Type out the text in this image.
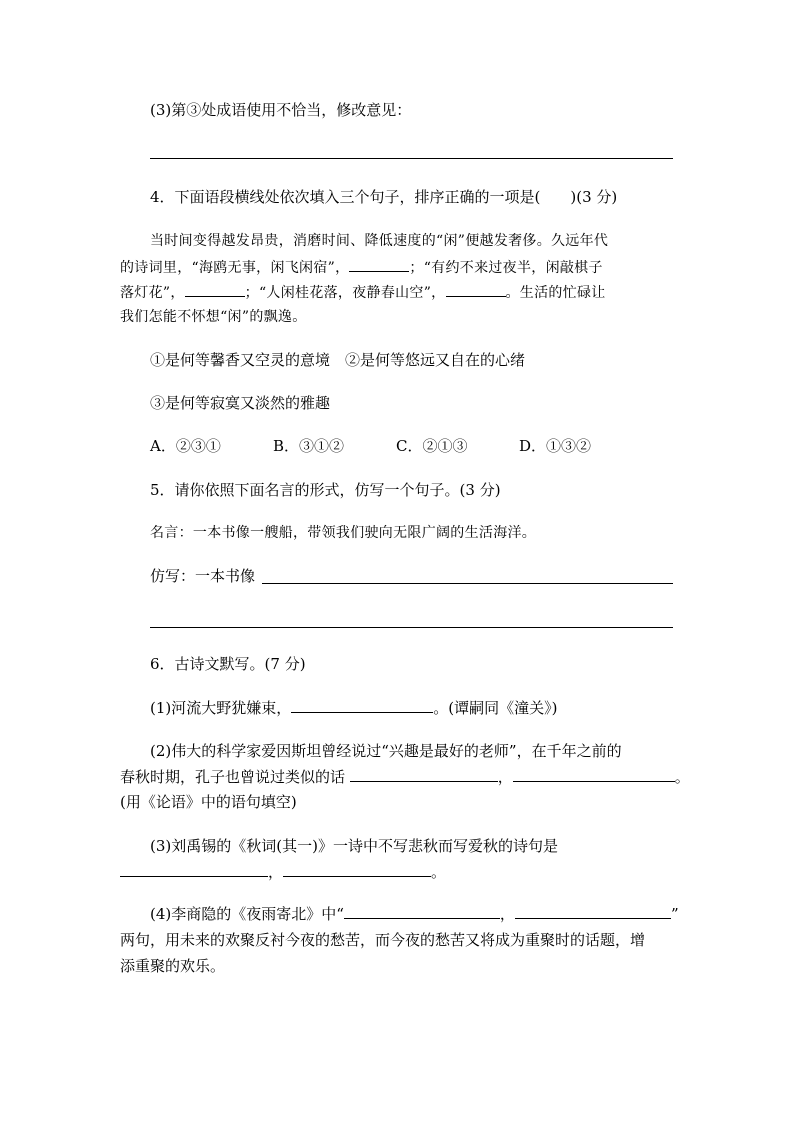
(3)第③处成语使用不恰当，修改意见：
4．下面语段横线处依次填入三个句子，排序正确的一项是(　　)(3 分)
当时间变得越发昂贵，消磨时间、降低速度的“闲”便越发奢侈。久远年代
的诗词里，“海鸥无事，闲飞闲宿”，	；“有约不来过夜半，闲敲棋子
落灯花”，	；“人闲桂花落，夜静春山空”，	。生活的忙碌让
我们怎能不怀想“闲”的飘逸。
①是何等馨香又空灵的意境　②是何等悠远又自在的心绪
③是何等寂寞又淡然的雅趣
A．②③①	B．③①②	C．②①③	D．①③②
5．请你依照下面名言的形式，仿写一个句子。(3 分)
名言：一本书像一艘船，带领我们驶向无限广阔的生活海洋。
仿写：一本书像
6．古诗文默写。(7 分)
(1)河流大野犹嫌束，	。(谭嗣同《潼关》)
(2)伟大的科学家爱因斯坦曾经说过“兴趣是最好的老师”，在千年之前的
春秋时期，孔子也曾说过类似的话	，	。
(用《论语》中的语句填空)
(3)刘禹锡的《秋词(其一)》一诗中不写悲秋而写爱秋的诗句是
，	。
(4)李商隐的《夜雨寄北》中“	，	”
两句，用未来的欢聚反衬今夜的愁苦，而今夜的愁苦又将成为重聚时的话题，增
添重聚的欢乐。
